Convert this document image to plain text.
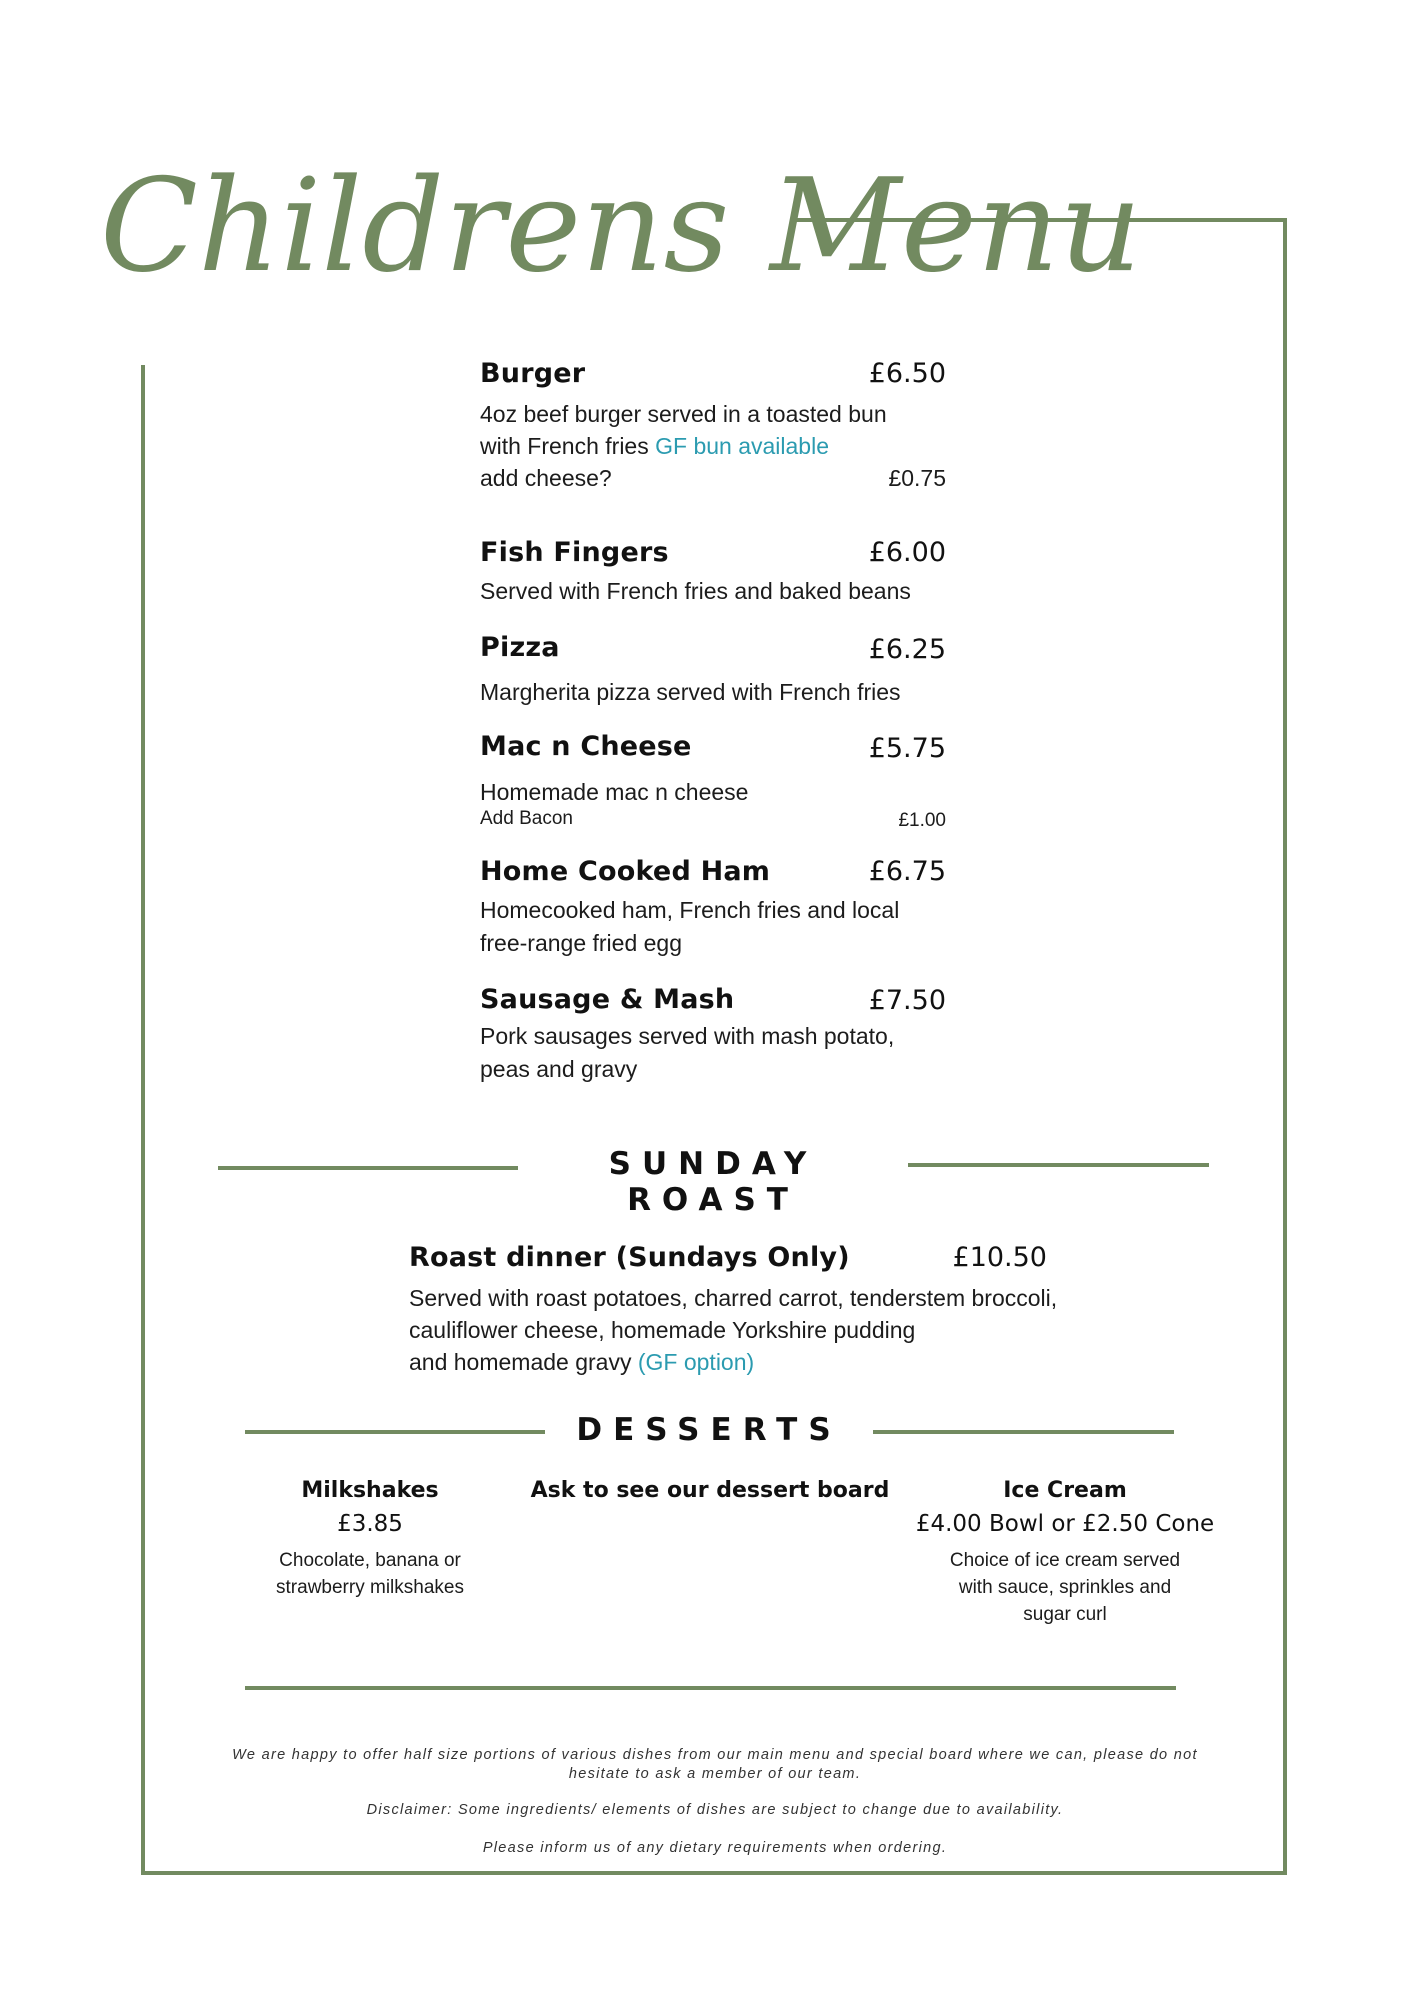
Childrens Menu
Burger	£6.50
4oz beef burger served in a toasted bun
with French fries GF bun available
add cheese?	£0.75
Fish Fingers	£6.00
Served with French fries and baked beans
Pizza	£6.25
Margherita pizza served with French fries
Mac n Cheese	£5.75
Homemade mac n cheese
Add Bacon	£1.00
Home Cooked Ham	£6.75
Homecooked ham, French fries and local
free-range fried egg
Sausage & Mash	£7.50
Pork sausages served with mash potato,
peas and gravy
SUNDAY ROAST
Roast dinner (Sundays Only)	£10.50
Served with roast potatoes, charred carrot, tenderstem broccoli,
cauliflower cheese, homemade Yorkshire pudding
and homemade gravy (GF option)
DESSERTS
Milkshakes
£3.85
Chocolate, banana or
strawberry milkshakes
Ask to see our dessert board	Ice Cream
£4.00 Bowl or £2.50 Cone
Choice of ice cream served
with sauce, sprinkles and
sugar curl
We are happy to offer half size portions of various dishes from our main menu and special board where we can, please do not
hesitate to ask a member of our team.
Disclaimer: Some ingredients/ elements of dishes are subject to change due to availability.
Please inform us of any dietary requirements when ordering.
